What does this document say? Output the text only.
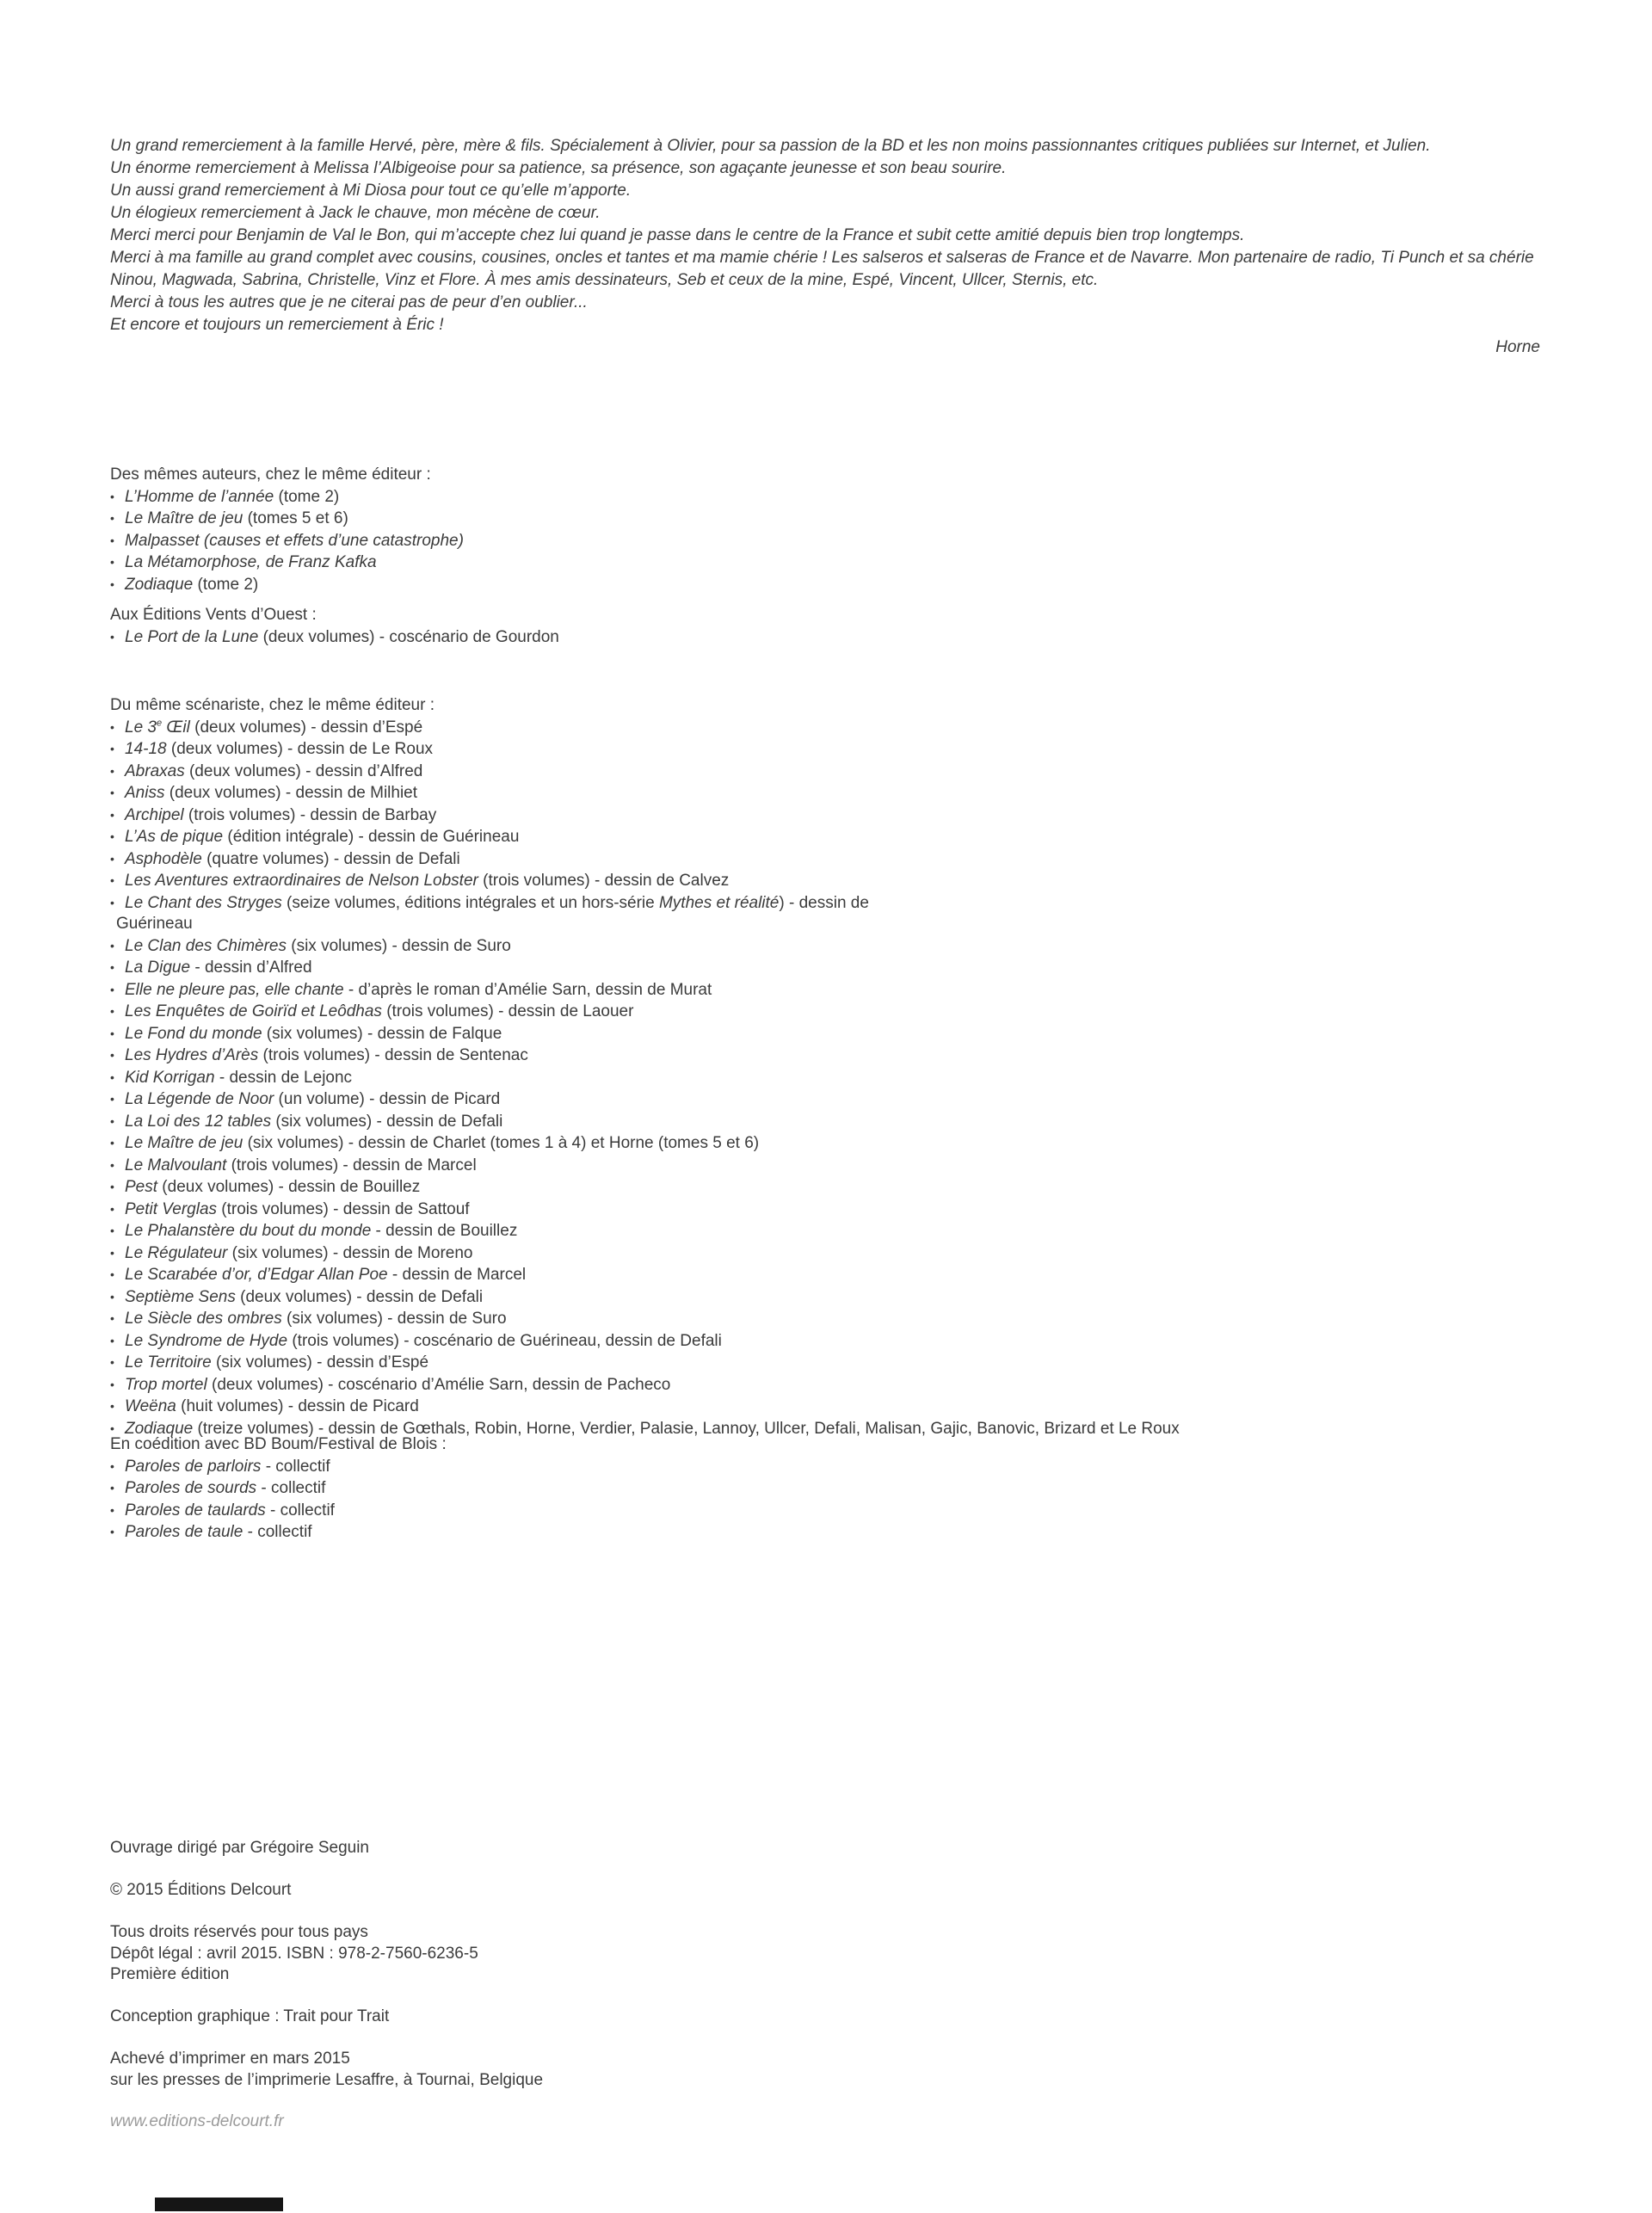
Un grand remerciement à la famille Hervé, père, mère & fils. Spécialement à Olivier, pour sa passion de la BD et les non moins passionnantes critiques publiées sur Internet, et Julien.
Un énorme remerciement à Melissa l’Albigeoise pour sa patience, sa présence, son agaçante jeunesse et son beau sourire.
Un aussi grand remerciement à Mi Diosa pour tout ce qu’elle m’apporte.
Un élogieux remerciement à Jack le chauve, mon mécène de cœur.
Merci merci pour Benjamin de Val le Bon, qui m’accepte chez lui quand je passe dans le centre de la France et subit cette amitié depuis bien trop longtemps.
Merci à ma famille au grand complet avec cousins, cousines, oncles et tantes et ma mamie chérie ! Les salseros et salseras de France et de Navarre. Mon partenaire de radio, Ti Punch et sa chérie
Ninou, Magwada, Sabrina, Christelle, Vinz et Flore. À mes amis dessinateurs, Seb et ceux de la mine, Espé, Vincent, Ullcer, Sternis, etc.
Merci à tous les autres que je ne citerai pas de peur d’en oublier...
Et encore et toujours un remerciement à Éric !
Horne
Des mêmes auteurs, chez le même éditeur :
• L’Homme de l’année (tome 2)
• Le Maître de jeu (tomes 5 et 6)
• Malpasset (causes et effets d’une catastrophe)
• La Métamorphose, de Franz Kafka
• Zodiaque (tome 2)
Aux Éditions Vents d’Ouest :
• Le Port de la Lune (deux volumes) - coscénario de Gourdon
Du même scénariste, chez le même éditeur :
• Le 3e Œil (deux volumes) - dessin d’Espé
• 14-18 (deux volumes) - dessin de Le Roux
• Abraxas (deux volumes) - dessin d’Alfred
• Aniss (deux volumes) - dessin de Milhiet
• Archipel (trois volumes) - dessin de Barbay
• L’As de pique (édition intégrale) - dessin de Guérineau
• Asphodèle (quatre volumes) - dessin de Defali
• Les Aventures extraordinaires de Nelson Lobster (trois volumes) - dessin de Calvez
• Le Chant des Stryges (seize volumes, éditions intégrales et un hors-série Mythes et réalité) - dessin de
Guérineau
• Le Clan des Chimères (six volumes) - dessin de Suro
• La Digue - dessin d’Alfred
• Elle ne pleure pas, elle chante - d’après le roman d’Amélie Sarn, dessin de Murat
• Les Enquêtes de Goirïd et Leôdhas (trois volumes) - dessin de Laouer
• Le Fond du monde (six volumes) - dessin de Falque
• Les Hydres d’Arès (trois volumes) - dessin de Sentenac
• Kid Korrigan - dessin de Lejonc
• La Légende de Noor (un volume) - dessin de Picard
• La Loi des 12 tables (six volumes) - dessin de Defali
• Le Maître de jeu (six volumes) - dessin de Charlet (tomes 1 à 4) et Horne (tomes 5 et 6)
• Le Malvoulant (trois volumes) - dessin de Marcel
• Pest (deux volumes) - dessin de Bouillez
• Petit Verglas (trois volumes) - dessin de Sattouf
• Le Phalanstère du bout du monde - dessin de Bouillez
• Le Régulateur (six volumes) - dessin de Moreno
• Le Scarabée d’or, d’Edgar Allan Poe - dessin de Marcel
• Septième Sens (deux volumes) - dessin de Defali
• Le Siècle des ombres (six volumes) - dessin de Suro
• Le Syndrome de Hyde (trois volumes) - coscénario de Guérineau, dessin de Defali
• Le Territoire (six volumes) - dessin d’Espé
• Trop mortel (deux volumes) - coscénario d’Amélie Sarn, dessin de Pacheco
• Weëna (huit volumes) - dessin de Picard
• Zodiaque (treize volumes) - dessin de Gœthals, Robin, Horne, Verdier, Palasie, Lannoy, Ullcer, Defali, Malisan, Gajic, Banovic, Brizard et Le Roux
En coédition avec BD Boum/Festival de Blois :
• Paroles de parloirs - collectif
• Paroles de sourds - collectif
• Paroles de taulards - collectif
• Paroles de taule - collectif
Ouvrage dirigé par Grégoire Seguin

© 2015 Éditions Delcourt

Tous droits réservés pour tous pays
Dépôt légal : avril 2015. ISBN : 978-2-7560-6236-5
Première édition

Conception graphique : Trait pour Trait

Achevé d’imprimer en mars 2015
sur les presses de l’imprimerie Lesaffre, à Tournai, Belgique
www.editions-delcourt.fr
